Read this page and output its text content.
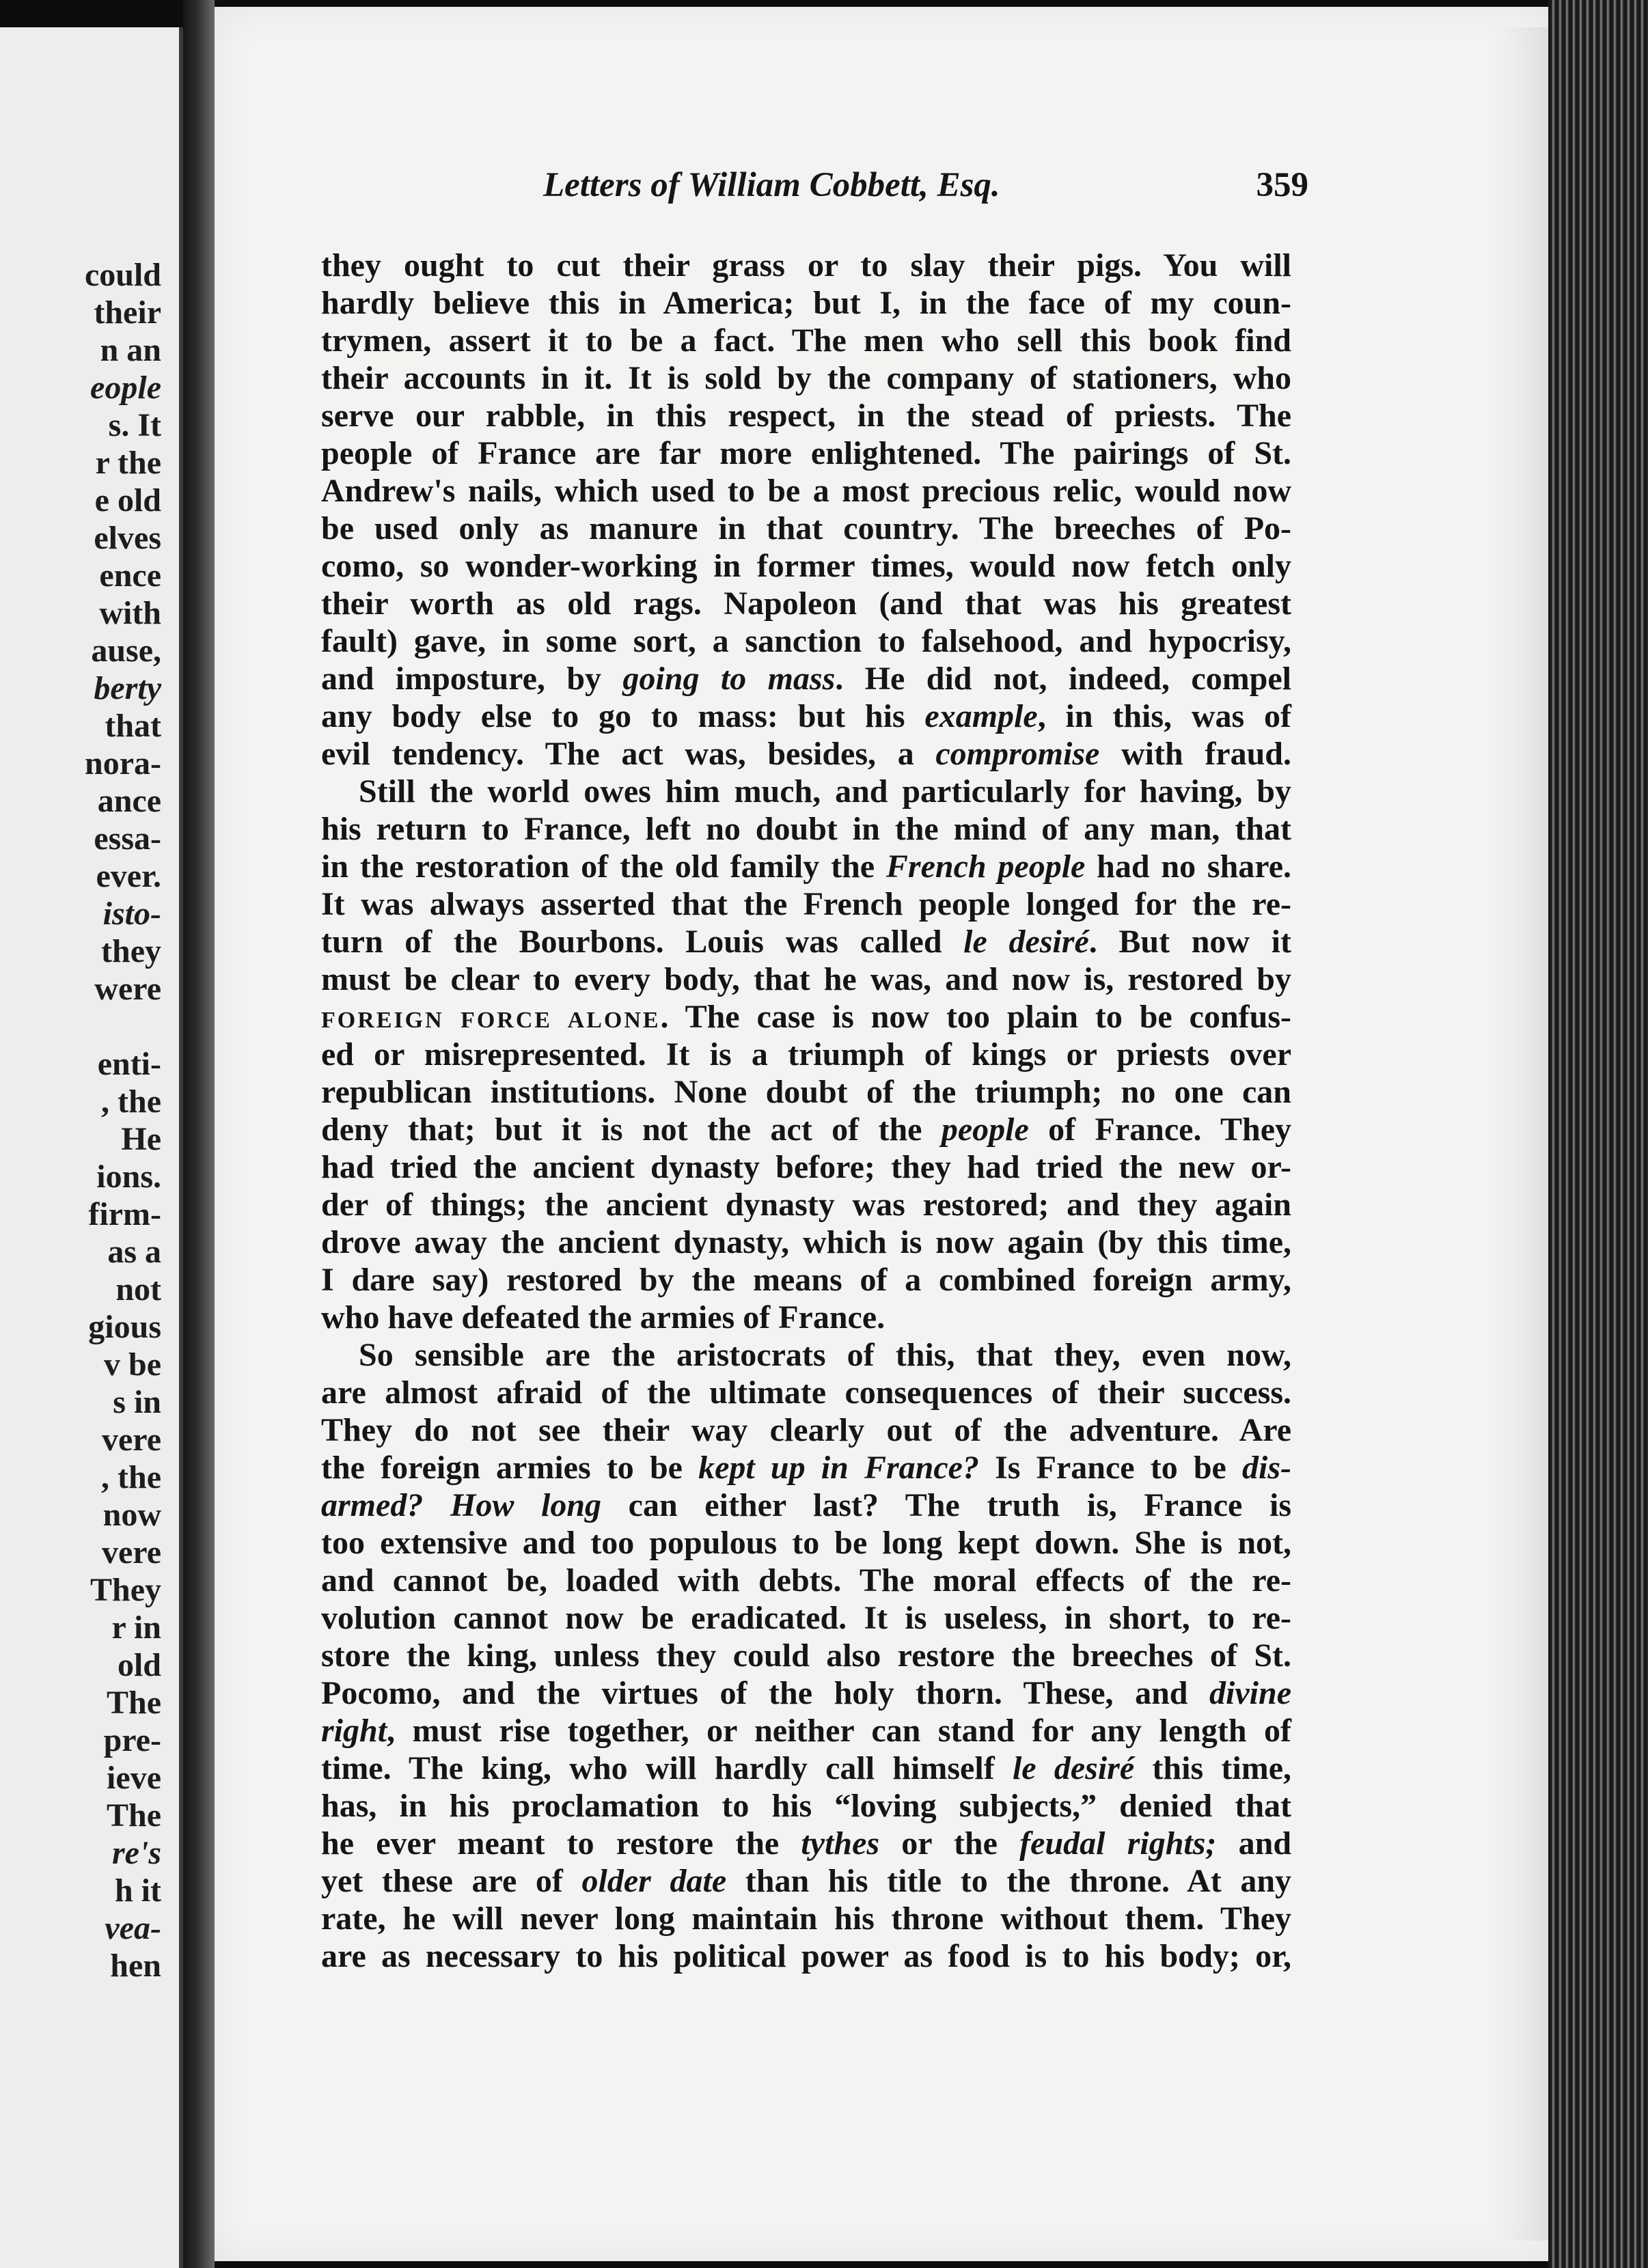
could
their
n an
eople
s. It
r the
e old
elves
ence
with
ause,
berty
that
nora-
ance
essa-
ever.
isto-
they
were
enti-
, the
He
ions.
firm-
as a
not
gious
v be
s in
vere
, the
now
vere
They
r in
old
The
pre-
ieve
The
re's
h it
vea-
hen
Letters of William Cobbett, Esq.	359
they ought to cut their grass or to slay their pigs. You will
hardly believe this in America; but I, in the face of my coun-
trymen, assert it to be a fact. The men who sell this book find
their accounts in it. It is sold by the company of stationers, who
serve our rabble, in this respect, in the stead of priests. The
people of France are far more enlightened. The pairings of St.
Andrew's nails, which used to be a most precious relic, would now
be used only as manure in that country. The breeches of Po-
como, so wonder-working in former times, would now fetch only
their worth as old rags. Napoleon (and that was his greatest
fault) gave, in some sort, a sanction to falsehood, and hypocrisy,
and imposture, by going to mass. He did not, indeed, compel
any body else to go to mass: but his example, in this, was of
evil tendency. The act was, besides, a compromise with fraud.
Still the world owes him much, and particularly for having, by
his return to France, left no doubt in the mind of any man, that
in the restoration of the old family the French people had no share.
It was always asserted that the French people longed for the re-
turn of the Bourbons. Louis was called le desiré. But now it
must be clear to every body, that he was, and now is, restored by
FOREIGN FORCE ALONE. The case is now too plain to be confus-
ed or misrepresented. It is a triumph of kings or priests over
republican institutions. None doubt of the triumph; no one can
deny that; but it is not the act of the people of France. They
had tried the ancient dynasty before; they had tried the new or-
der of things; the ancient dynasty was restored; and they again
drove away the ancient dynasty, which is now again (by this time,
I dare say) restored by the means of a combined foreign army,
who have defeated the armies of France.
So sensible are the aristocrats of this, that they, even now,
are almost afraid of the ultimate consequences of their success.
They do not see their way clearly out of the adventure. Are
the foreign armies to be kept up in France? Is France to be dis-
armed? How long can either last? The truth is, France is
too extensive and too populous to be long kept down. She is not,
and cannot be, loaded with debts. The moral effects of the re-
volution cannot now be eradicated. It is useless, in short, to re-
store the king, unless they could also restore the breeches of St.
Pocomo, and the virtues of the holy thorn. These, and divine
right, must rise together, or neither can stand for any length of
time. The king, who will hardly call himself le desiré this time,
has, in his proclamation to his “loving subjects,” denied that
he ever meant to restore the tythes or the feudal rights; and
yet these are of older date than his title to the throne. At any
rate, he will never long maintain his throne without them. They
are as necessary to his political power as food is to his body; or,
